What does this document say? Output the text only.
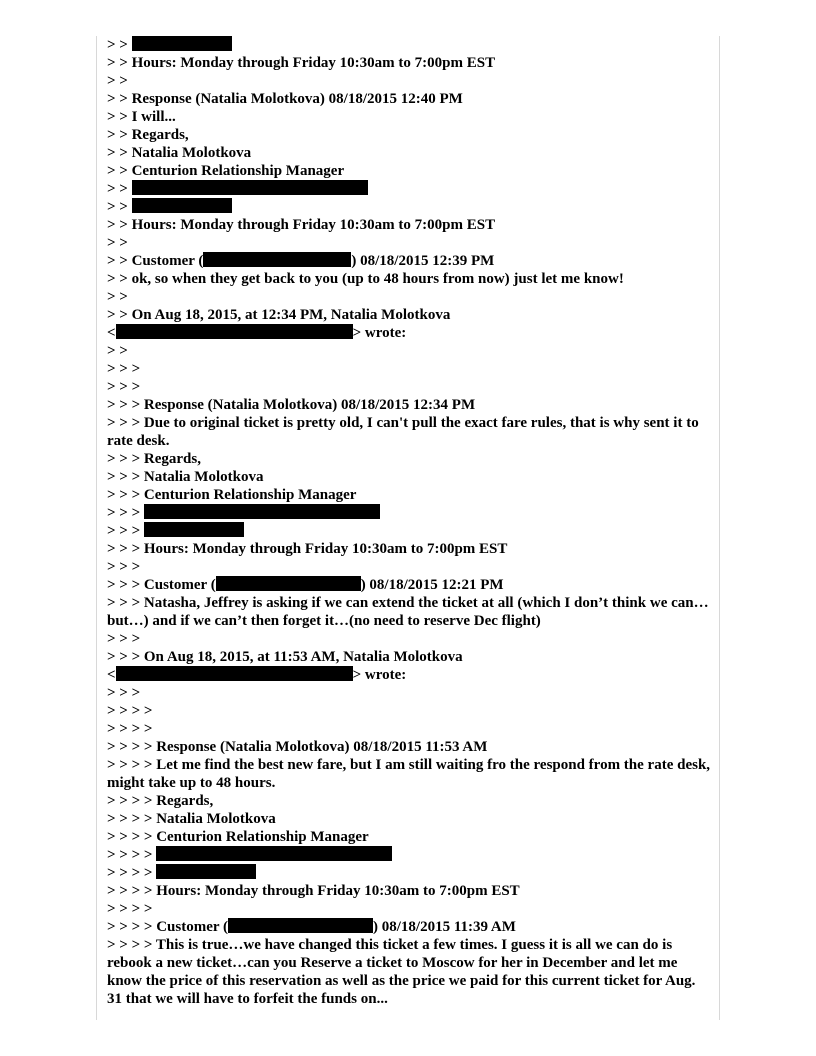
> >
> > Hours: Monday through Friday 10:30am to 7:00pm EST
> >
> > Response (Natalia Molotkova) 08/18/2015 12:40 PM
> > I will...
> > Regards,
> > Natalia Molotkova
> > Centurion Relationship Manager
> >
> >
> > Hours: Monday through Friday 10:30am to 7:00pm EST
> >
> > Customer (	) 08/18/2015 12:39 PM
> > ok, so when they get back to you (up to 48 hours from now) just let me know!
> >
> > On Aug 18, 2015, at 12:34 PM, Natalia Molotkova
<	> wrote:
> >
> > >
> > >
> > > Response (Natalia Molotkova) 08/18/2015 12:34 PM
> > > Due to original ticket is pretty old, I can't pull the exact fare rules, that is why sent it to rate desk.
> > > Regards,
> > > Natalia Molotkova
> > > Centurion Relationship Manager
> > >
> > >
> > > Hours: Monday through Friday 10:30am to 7:00pm EST
> > >
> > > Customer (	) 08/18/2015 12:21 PM
> > > Natasha, Jeffrey is asking if we can extend the ticket at all (which I don’t think we can…but…) and if we can’t then forget it…(no need to reserve Dec flight)
> > >
> > > On Aug 18, 2015, at 11:53 AM, Natalia Molotkova
<	> wrote:
> > >
> > > >
> > > >
> > > > Response (Natalia Molotkova) 08/18/2015 11:53 AM
> > > > Let me find the best new fare, but I am still waiting fro the respond from the rate desk, might take up to 48 hours.
> > > > Regards,
> > > > Natalia Molotkova
> > > > Centurion Relationship Manager
> > > >
> > > >
> > > > Hours: Monday through Friday 10:30am to 7:00pm EST
> > > >
> > > > Customer (	) 08/18/2015 11:39 AM
> > > > This is true…we have changed this ticket a few times. I guess it is all we can do is rebook a new ticket…can you Reserve a ticket to Moscow for her in December and let me know the price of this reservation as well as the price we paid for this current ticket for Aug. 31 that we will have to forfeit the funds on...
